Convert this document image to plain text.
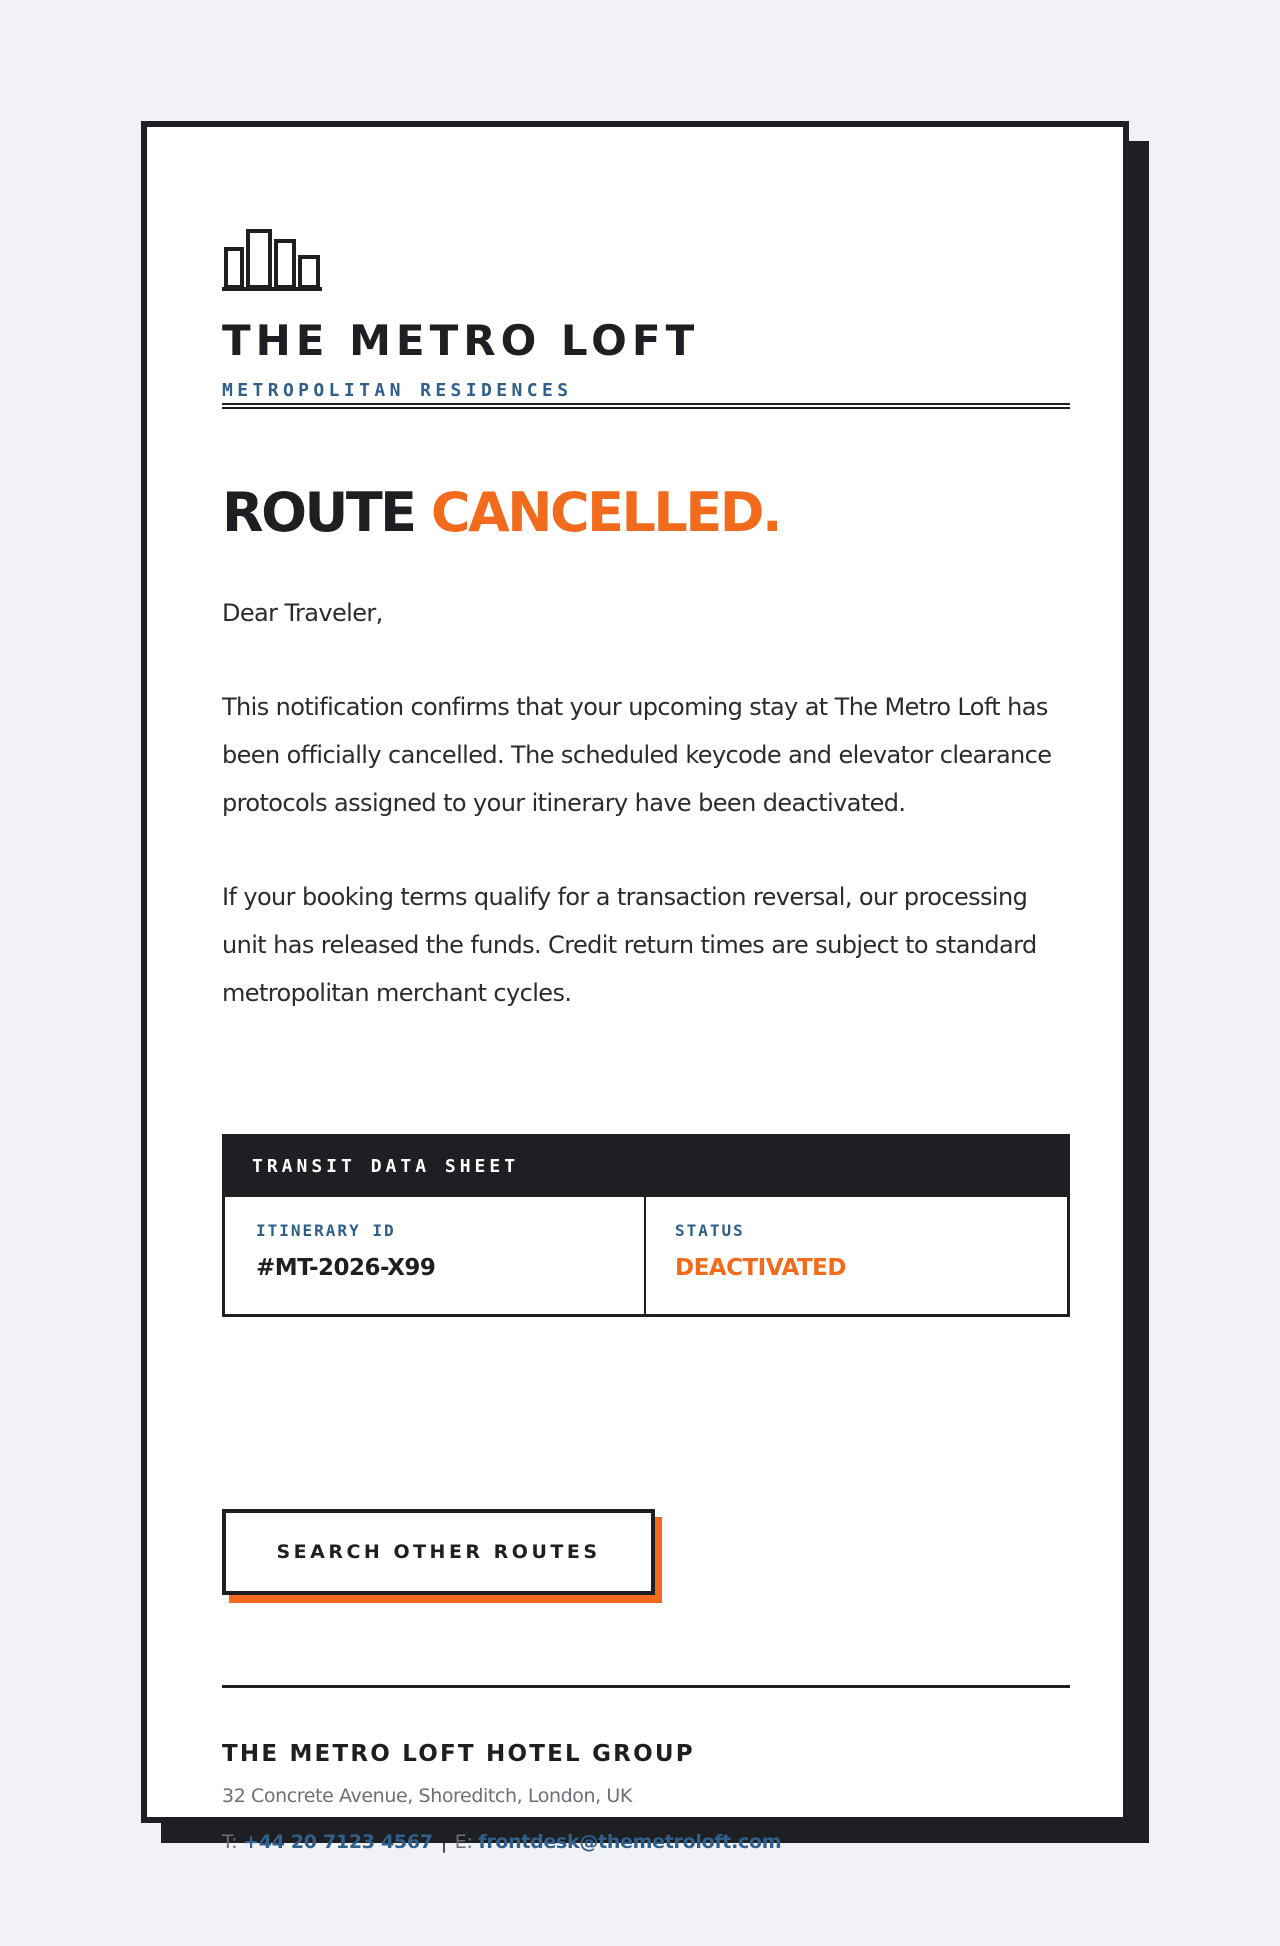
THE METRO LOFT
METROPOLITAN RESIDENCES
ROUTE CANCELLED.
Dear Traveler,
This notification confirms that your upcoming stay at The Metro Loft has been officially cancelled. The scheduled keycode and elevator clearance protocols assigned to your itinerary have been deactivated.
If your booking terms qualify for a transaction reversal, our processing unit has released the funds. Credit return times are subject to standard metropolitan merchant cycles.
TRANSIT DATA SHEET
ITINERARY ID
#MT-2026-X99
STATUS
DEACTIVATED
SEARCH OTHER ROUTES
THE METRO LOFT HOTEL GROUP
32 Concrete Avenue, Shoreditch, London, UK
T: +44 20 7123 4567 | E: frontdesk@themetroloft.com
